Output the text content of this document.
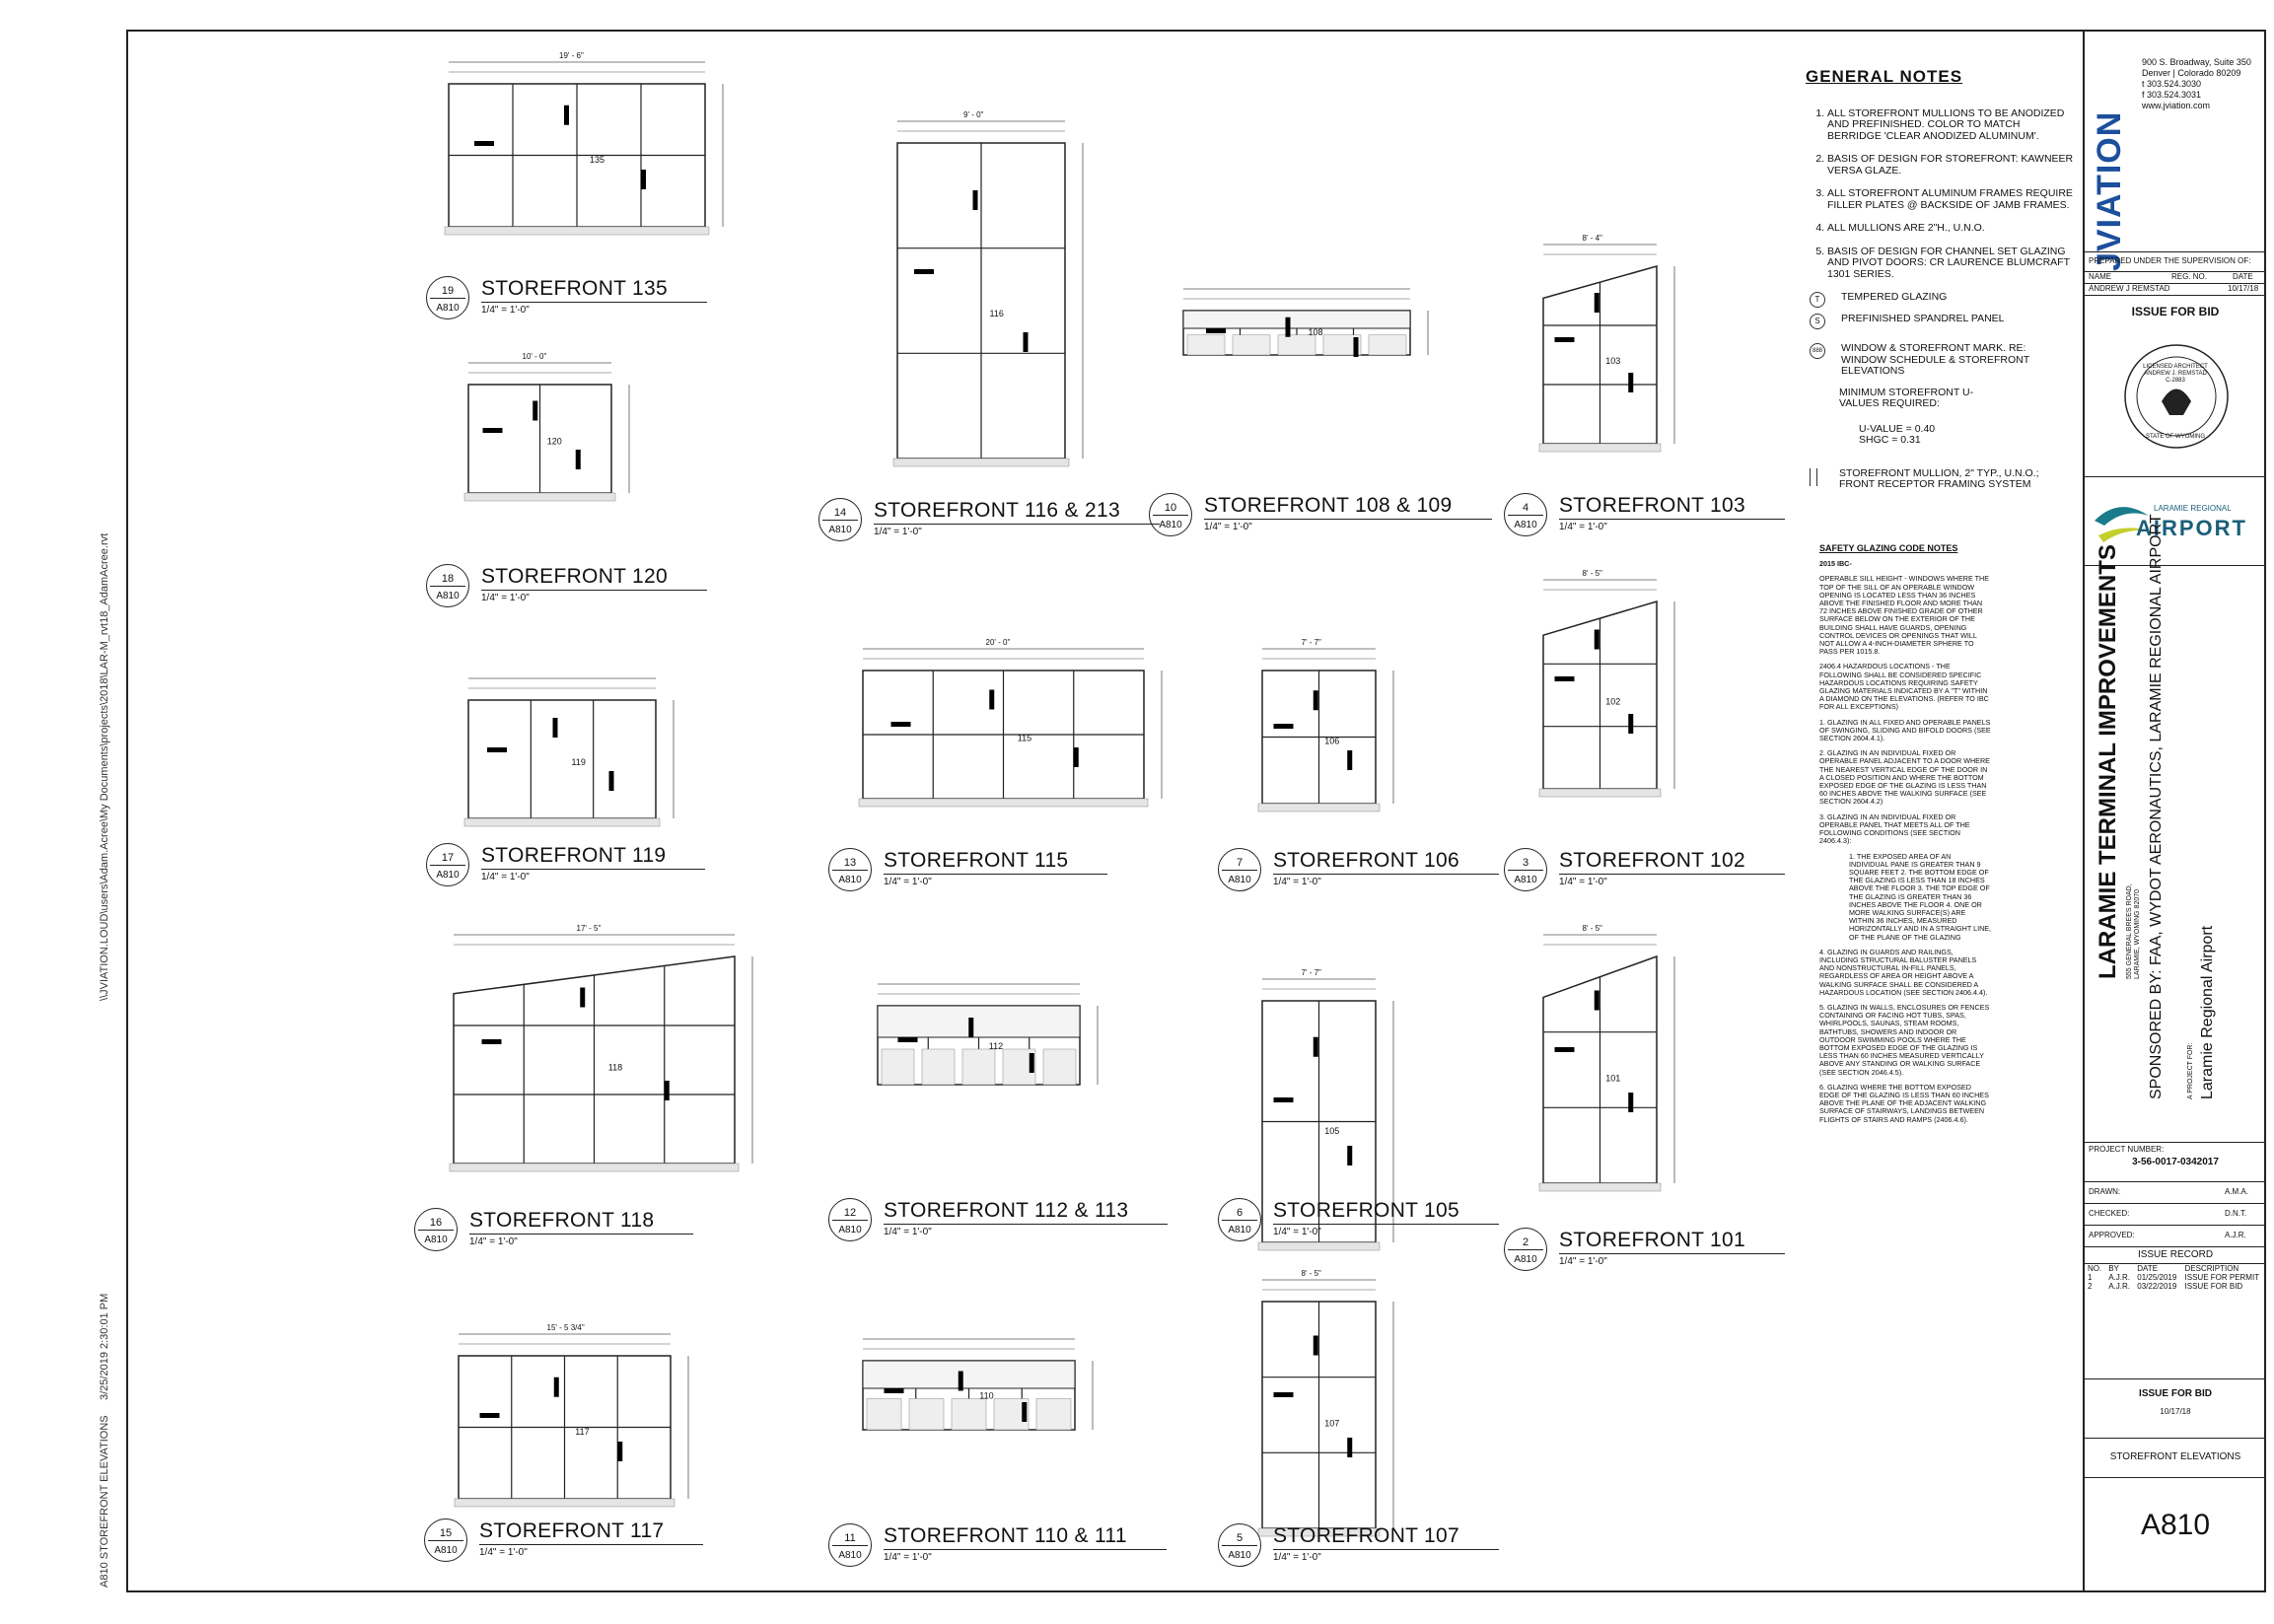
\\JVIATION.LOUD\users\Adam.Acree\My Documents\projects\2018\LAR-M_rvt18_AdamAcree.rvt
3/25/2019 2:30:01 PM
A810 STOREFRONT ELEVATIONS
135
19' - 6"
19
A810
STOREFRONT 135
1/4" = 1'-0"
120
10' - 0"
18
A810
STOREFRONT 120
1/4" = 1'-0"
119
17
A810
STOREFRONT 119
1/4" = 1'-0"
118
17' - 5"
16
A810
STOREFRONT 118
1/4" = 1'-0"
117
15' - 5 3/4"
15
A810
STOREFRONT 117
1/4" = 1'-0"
116
9' - 0"
14
A810
STOREFRONT 116 & 213
1/4" = 1'-0"
115
20' - 0"
13
A810
STOREFRONT 115
1/4" = 1'-0"
112
12
A810
STOREFRONT 112 & 113
1/4" = 1'-0"
110
11
A810
STOREFRONT 110 & 111
1/4" = 1'-0"
108
10
A810
STOREFRONT 108 & 109
1/4" = 1'-0"
106
7' - 7"
7
A810
STOREFRONT 106
1/4" = 1'-0"
105
7' - 7"
6
A810
STOREFRONT 105
1/4" = 1'-0"
107
8' - 5"
5
A810
STOREFRONT 107
1/4" = 1'-0"
103
8' - 4"
4
A810
STOREFRONT 103
1/4" = 1'-0"
102
8' - 5"
3
A810
STOREFRONT 102
1/4" = 1'-0"
101
8' - 5"
2
A810
STOREFRONT 101
1/4" = 1'-0"
GENERAL NOTES
1. ALL STOREFRONT MULLIONS TO BE ANODIZED AND PREFINISHED. COLOR TO MATCH BERRIDGE 'CLEAR ANODIZED ALUMINUM'.
2. BASIS OF DESIGN FOR STOREFRONT: KAWNEER VERSA GLAZE.
3. ALL STOREFRONT ALUMINUM FRAMES REQUIRE FILLER PLATES @ BACKSIDE OF JAMB FRAMES.
4. ALL MULLIONS ARE 2"H., U.N.O.
5. BASIS OF DESIGN FOR CHANNEL SET GLAZING AND PIVOT DOORS: CR LAURENCE BLUMCRAFT 1301 SERIES.
T	TEMPERED GLAZING
S	PREFINISHED SPANDREL PANEL
888 WINDOW & STOREFRONT MARK. RE: WINDOW SCHEDULE & STOREFRONT ELEVATIONS
MINIMUM STOREFRONT U-VALUES REQUIRED:
U-VALUE = 0.40
SHGC = 0.31
STOREFRONT MULLION, 2" TYP., U.N.O.; FRONT RECEPTOR FRAMING SYSTEM
SAFETY GLAZING CODE NOTES

2015 IBC-

OPERABLE SILL HEIGHT - WINDOWS WHERE THE TOP OF THE SILL OF AN OPERABLE WINDOW OPENING IS LOCATED LESS THAN 36 INCHES ABOVE THE FINISHED FLOOR AND MORE THAN 72 INCHES ABOVE FINISHED GRADE OF OTHER SURFACE BELOW ON THE EXTERIOR OF THE BUILDING SHALL HAVE GUARDS, OPENING CONTROL DEVICES OR OPENINGS THAT WILL NOT ALLOW A 4-INCH-DIAMETER SPHERE TO PASS PER 1015.8.

2406.4 HAZARDOUS LOCATIONS - THE FOLLOWING SHALL BE CONSIDERED SPECIFIC HAZARDOUS LOCATIONS REQUIRING SAFETY GLAZING MATERIALS INDICATED BY A "T" WITHIN A DIAMOND ON THE ELEVATIONS. (REFER TO IBC FOR ALL EXCEPTIONS)

1. GLAZING IN ALL FIXED AND OPERABLE PANELS OF SWINGING, SLIDING AND BIFOLD DOORS (SEE SECTION 2604.4.1).

2. GLAZING IN AN INDIVIDUAL FIXED OR OPERABLE PANEL ADJACENT TO A DOOR WHERE THE NEAREST VERTICAL EDGE OF THE DOOR IN A CLOSED POSITION AND WHERE THE BOTTOM EXPOSED EDGE OF THE GLAZING IS LESS THAN 60 INCHES ABOVE THE WALKING SURFACE (SEE SECTION 2604.4.2)

3. GLAZING IN AN INDIVIDUAL FIXED OR OPERABLE PANEL THAT MEETS ALL OF THE FOLLOWING CONDITIONS (SEE SECTION 2406.4.3):

1. THE EXPOSED AREA OF AN INDIVIDUAL PANE IS GREATER THAN 9 SQUARE FEET 2. THE BOTTOM EDGE OF THE GLAZING IS LESS THAN 18 INCHES ABOVE THE FLOOR 3. THE TOP EDGE OF THE GLAZING IS GREATER THAN 36 INCHES ABOVE THE FLOOR 4. ONE OR MORE WALKING SURFACE(S) ARE WITHIN 36 INCHES, MEASURED HORIZONTALLY AND IN A STRAIGHT LINE, OF THE PLANE OF THE GLAZING

4. GLAZING IN GUARDS AND RAILINGS, INCLUDING STRUCTURAL BALUSTER PANELS AND NONSTRUCTURAL IN-FILL PANELS, REGARDLESS OF AREA OR HEIGHT ABOVE A WALKING SURFACE SHALL BE CONSIDERED A HAZARDOUS LOCATION (SEE SECTION 2406.4.4).

5. GLAZING IN WALLS, ENCLOSURES OR FENCES CONTAINING OR FACING HOT TUBS, SPAS, WHIRLPOOLS, SAUNAS, STEAM ROOMS, BATHTUBS, SHOWERS AND INDOOR OR OUTDOOR SWIMMING POOLS WHERE THE BOTTOM EXPOSED EDGE OF THE GLAZING IS LESS THAN 60 INCHES MEASURED VERTICALLY ABOVE ANY STANDING OR WALKING SURFACE (SEE SECTION 2046.4.5).

6. GLAZING WHERE THE BOTTOM EXPOSED EDGE OF THE GLAZING IS LESS THAN 60 INCHES ABOVE THE PLANE OF THE ADJACENT WALKING SURFACE OF STAIRWAYS, LANDINGS BETWEEN FLIGHTS OF STAIRS AND RAMPS (2406.4.6).

JVIATION
900 S. Broadway, Suite 350
Denver | Colorado 80209
t 303.524.3030
f 303.524.3031
www.jviation.com
PREPARED UNDER THE SUPERVISION OF:
NAME	REG. NO.	DATE
ANDREW J REMSTAD	10/17/18
ISSUE FOR BID
LICENSED ARCHITECT
ANDREW J. REMSTAD
C-2883
STATE OF WYOMING
LARAMIE REGIONAL
AIRPORT
LARAMIE TERMINAL IMPROVEMENTS 555 GENERAL BREES ROAD, LARAMIE, WYOMING 82070 SPONSORED BY: FAA, WYDOT AERONAUTICS, LARAMIE REGIONAL AIRPORT	A PROJECT FOR: Laramie Regional Airport
PROJECT NUMBER:
3-56-0017-0342017
DRAWN:	A.M.A.
CHECKED:	D.N.T.
APPROVED:	A.J.R.
ISSUE RECORD
NO.	BY	DATE	DESCRIPTION
1	A.J.R.	01/25/2019	ISSUE FOR PERMIT
2	A.J.R.	03/22/2019	ISSUE FOR BID
ISSUE FOR BID
10/17/18
STOREFRONT ELEVATIONS
A810
